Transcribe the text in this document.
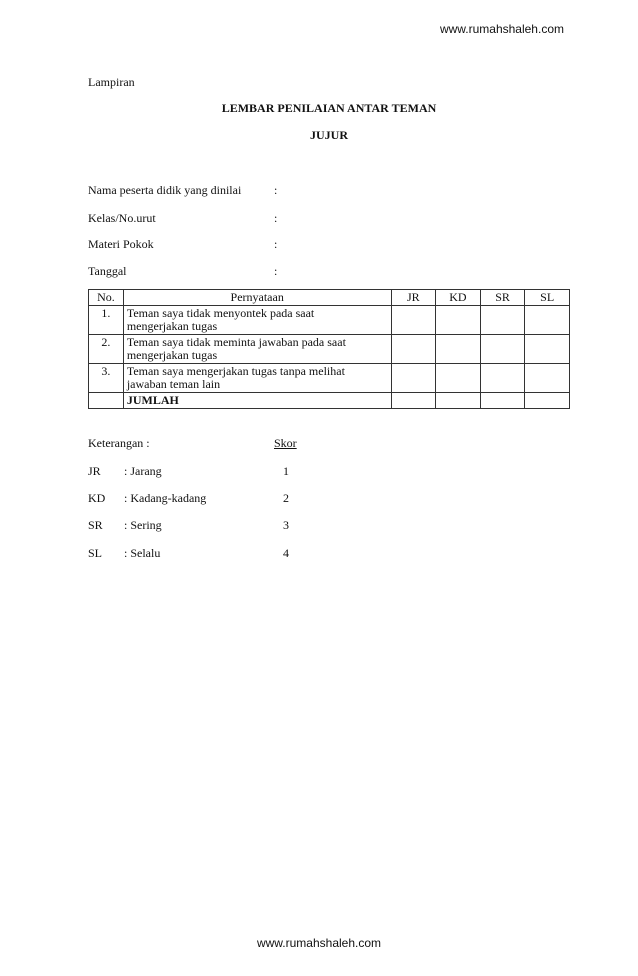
www.rumahshaleh.com
Lampiran
LEMBAR PENILAIAN ANTAR TEMAN
JUJUR
Nama peserta didik yang dinilai	:
Kelas/No.urut	:
Materi Pokok	:
Tanggal	:
No.	Pernyataan	JR	KD	SR	SL
1.	Teman saya tidak menyontek pada saat
mengerjakan tugas				

2.	Teman saya tidak meminta jawaban pada saat
mengerjakan tugas				

3.	Teman saya mengerjakan tugas tanpa melihat
jawaban teman lain				

	JUMLAH				
Keterangan :	Skor
JR : Jarang	1
KD : Kadang-kadang	2
SR : Sering	3
SL : Selalu	4
www.rumahshaleh.com
